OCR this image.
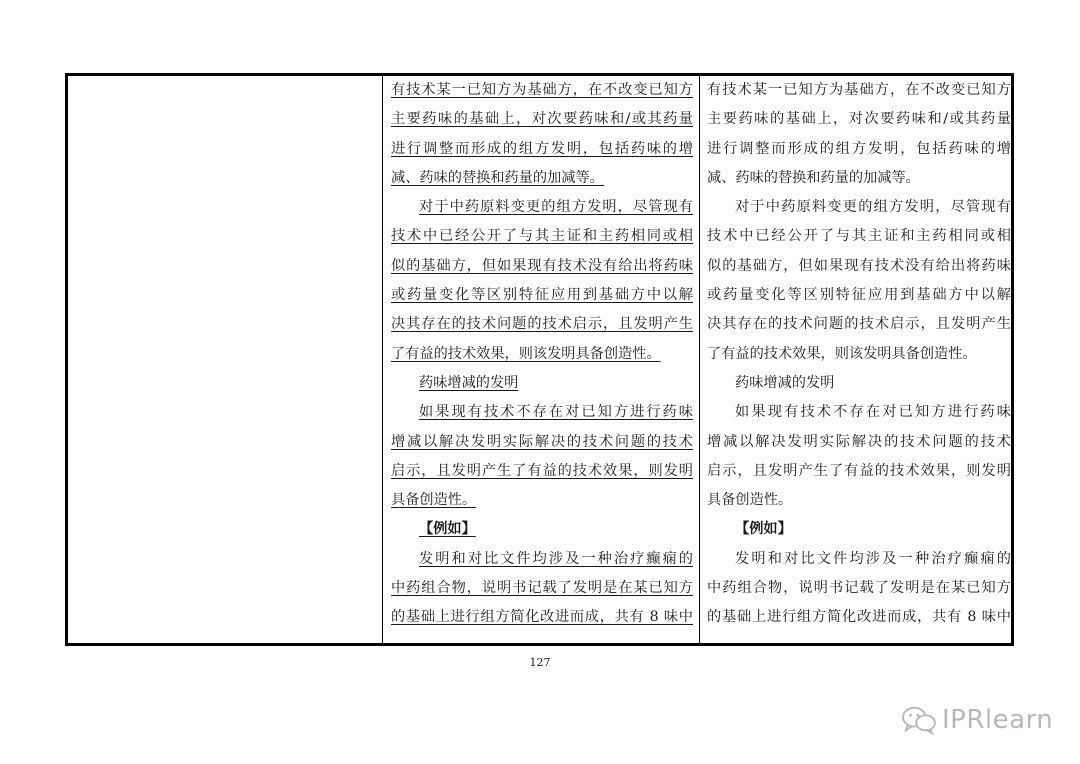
有技术某一已知方为基础方，在不改变已知方
主要药味的基础上，对次要药味和/或其药量
进行调整而形成的组方发明，包括药味的增
减、药味的替换和药量的加减等。
对于中药原料变更的组方发明，尽管现有
技术中已经公开了与其主证和主药相同或相
似的基础方，但如果现有技术没有给出将药味
或药量变化等区别特征应用到基础方中以解
决其存在的技术问题的技术启示，且发明产生
了有益的技术效果，则该发明具备创造性。
药味增减的发明
如果现有技术不存在对已知方进行药味
增减以解决发明实际解决的技术问题的技术
启示，且发明产生了有益的技术效果，则发明
具备创造性。
【例如】
发明和对比文件均涉及一种治疗癫痫的
中药组合物，说明书记载了发明是在某已知方
的基础上进行组方简化改进而成，共有 8 味中
有技术某一已知方为基础方，在不改变已知方
主要药味的基础上，对次要药味和/或其药量
进行调整而形成的组方发明，包括药味的增
减、药味的替换和药量的加减等。
对于中药原料变更的组方发明，尽管现有
技术中已经公开了与其主证和主药相同或相
似的基础方，但如果现有技术没有给出将药味
或药量变化等区别特征应用到基础方中以解
决其存在的技术问题的技术启示，且发明产生
了有益的技术效果，则该发明具备创造性。
药味增减的发明
如果现有技术不存在对已知方进行药味
增减以解决发明实际解决的技术问题的技术
启示，且发明产生了有益的技术效果，则发明
具备创造性。
【例如】
发明和对比文件均涉及一种治疗癫痫的
中药组合物，说明书记载了发明是在某已知方
的基础上进行组方简化改进而成，共有 8 味中
127
IPRlearn
